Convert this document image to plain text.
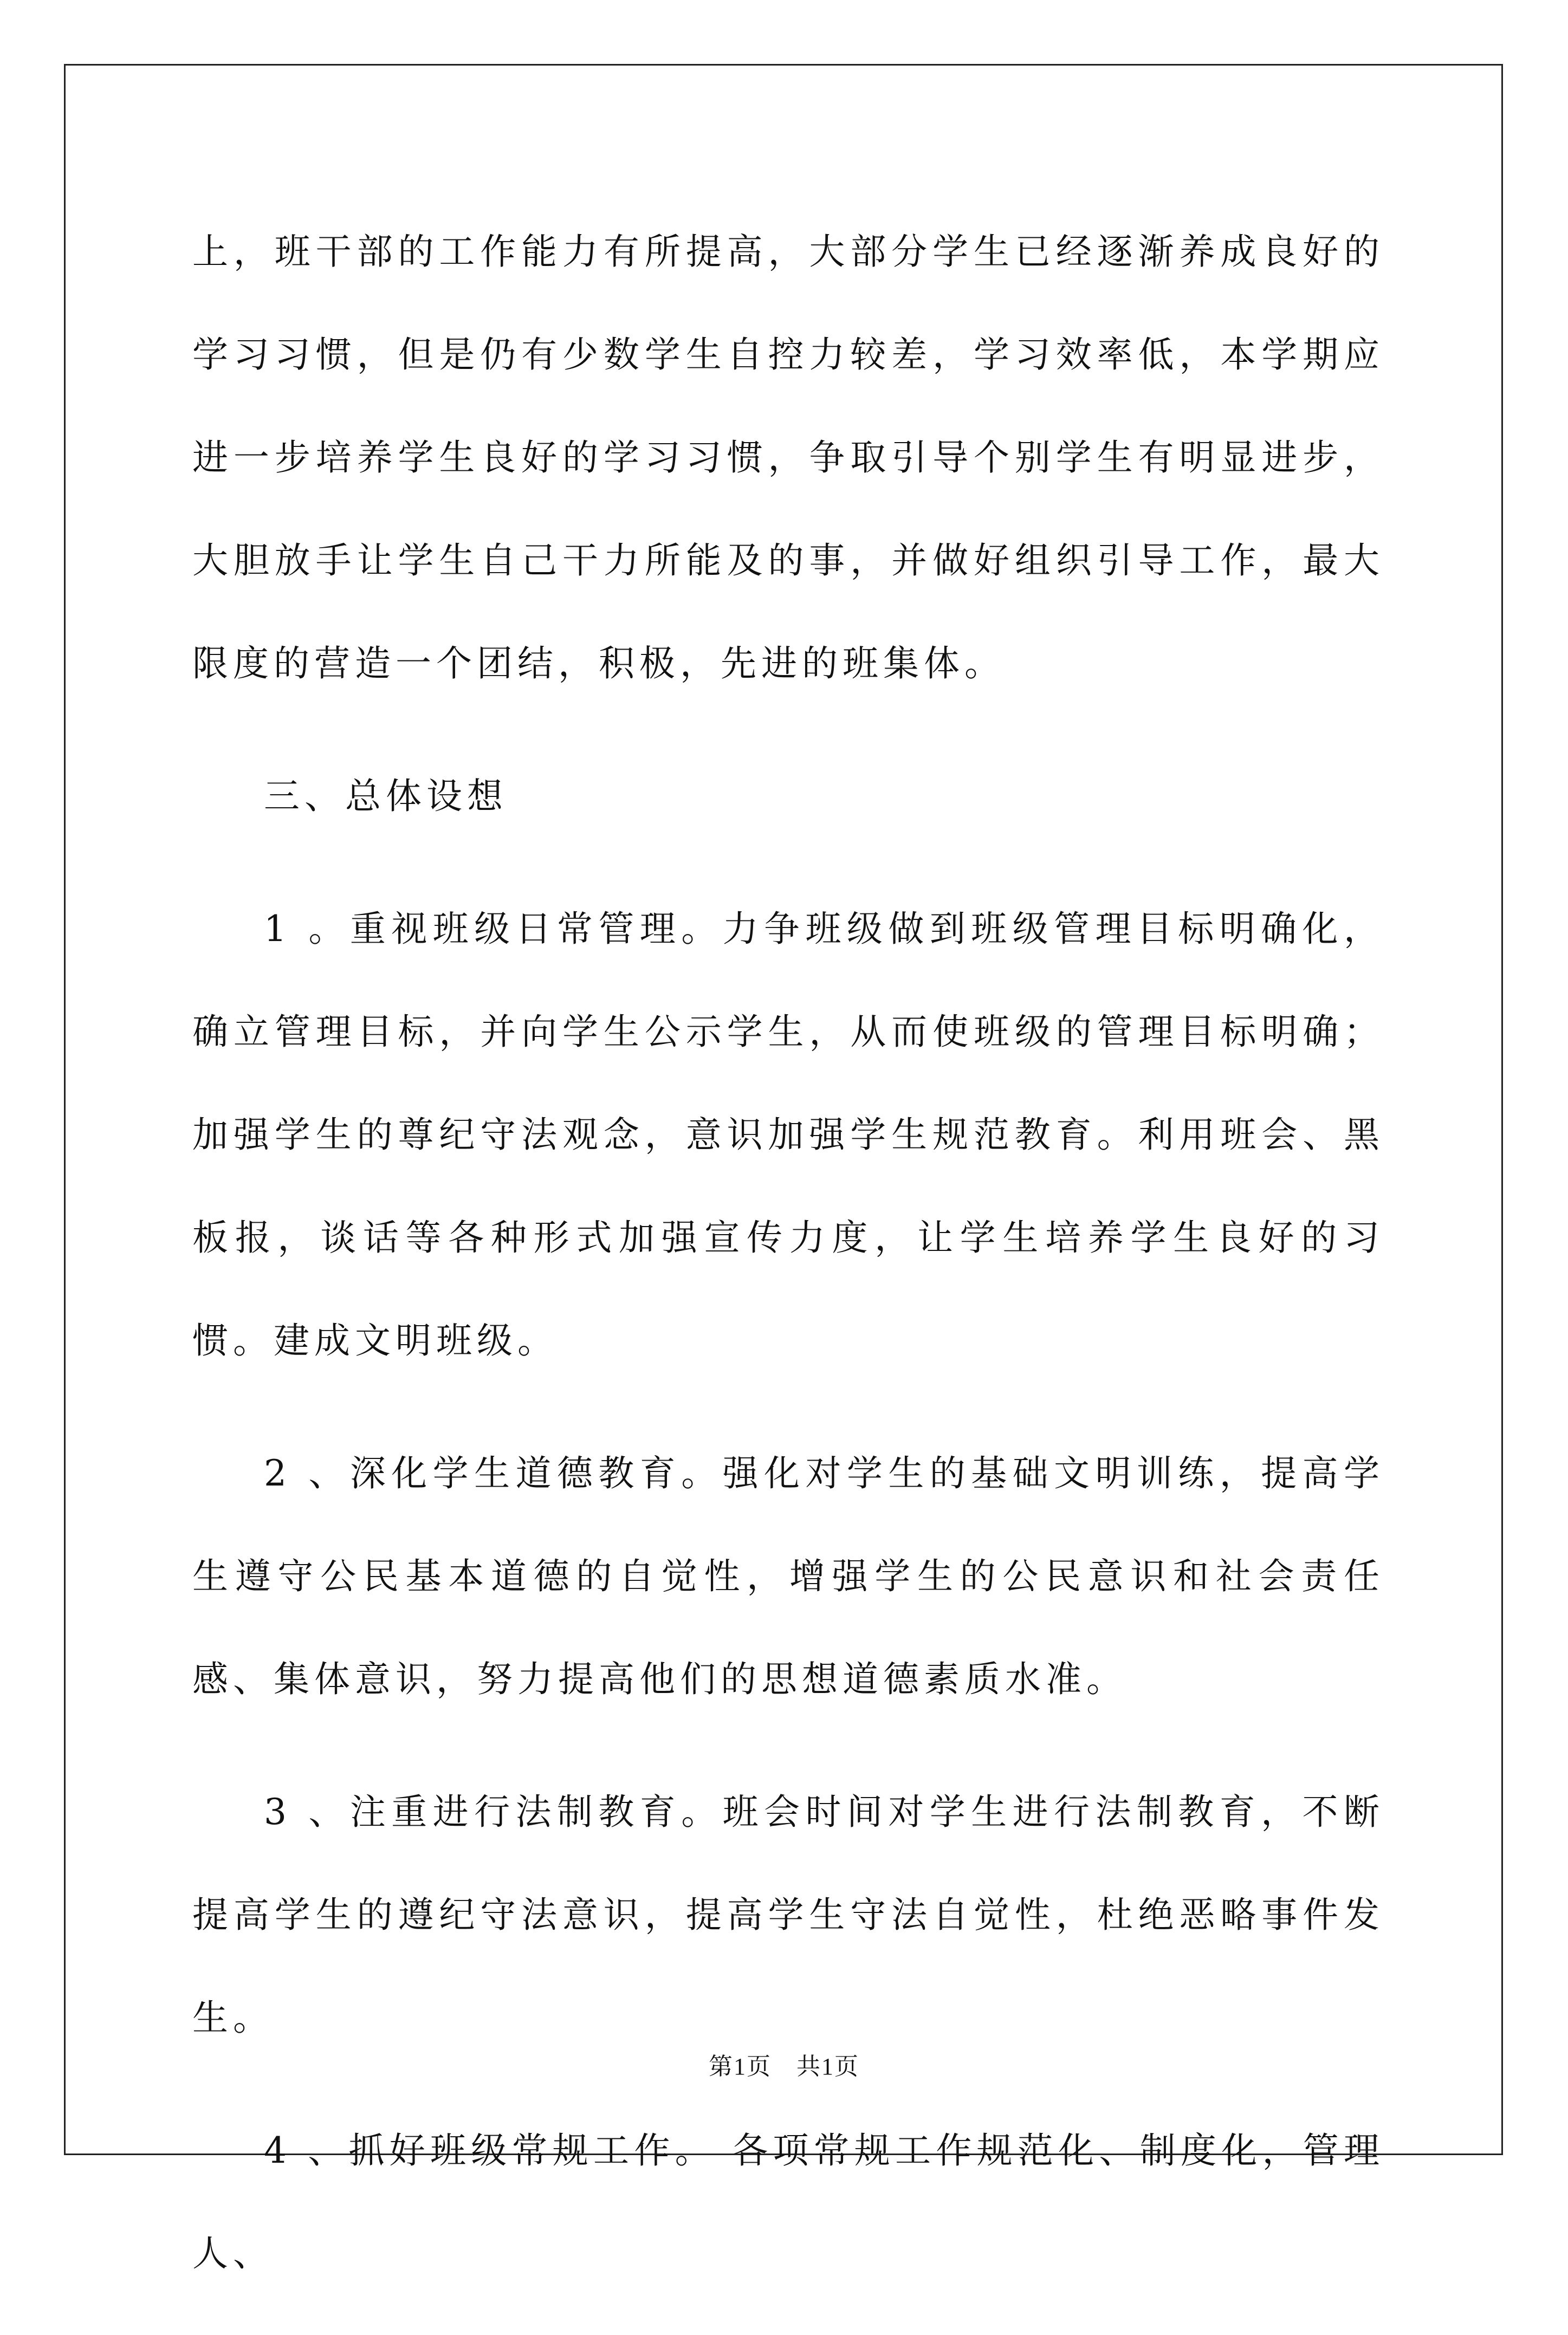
上，班干部的工作能力有所提高，大部分学生已经逐渐养成良好的学习习惯，但是仍有少数学生自控力较差，学习效率低，本学期应进一步培养学生良好的学习习惯，争取引导个别学生有明显进步，大胆放手让学生自己干力所能及的事，并做好组织引导工作，最大限度的营造一个团结，积极，先进的班集体。

三、总体设想

1 。重视班级日常管理。力争班级做到班级管理目标明确化，确立管理目标，并向学生公示学生，从而使班级的管理目标明确；加强学生的尊纪守法观念，意识加强学生规范教育。利用班会、黑板报，谈话等各种形式加强宣传力度，让学生培养学生良好的习惯。建成文明班级。

2 、深化学生道德教育。强化对学生的基础文明训练，提高学生遵守公民基本道德的自觉性，增强学生的公民意识和社会责任感、集体意识，努力提高他们的思想道德素质水准。

3 、注重进行法制教育。班会时间对学生进行法制教育，不断提高学生的遵纪守法意识，提高学生守法自觉性，杜绝恶略事件发生。

4 、抓好班级常规工作。 各项常规工作规范化、制度化，管理人、

第1页　共1页
